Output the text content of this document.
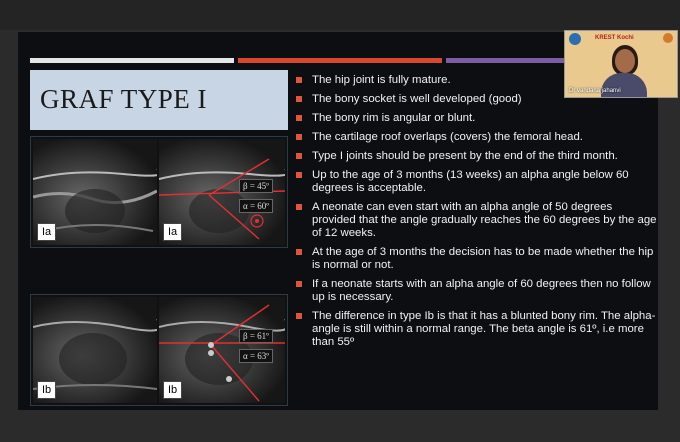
GRAF TYPE I
Ia
β = 45º
α = 60º
Ia
Ib
β = 61º
α = 63º
Ib
The hip joint is fully mature.
The bony socket is well developed (good)
The bony rim is angular or blunt.
The cartilage roof overlaps (covers) the femoral head.
Type I joints should be present by the end of the third month.
Up to the age of 3 months (13 weeks) an alpha angle below 60 degrees is acceptable.
A neonate can even start with an alpha angle of 50 degrees provided that the angle gradually reaches the 60 degrees by the age of 12 weeks.
At the age of 3 months the decision has to be made whether the hip is normal or not.
If a neonate starts with an alpha angle of 60 degrees then no follow up is necessary.
The difference in type Ib is that it has a blunted bony rim. The alpha-angle is still within a normal range. The beta angle is 61º, i.e more than 55º
KREST Kochi
Dr vandana jahanvi
